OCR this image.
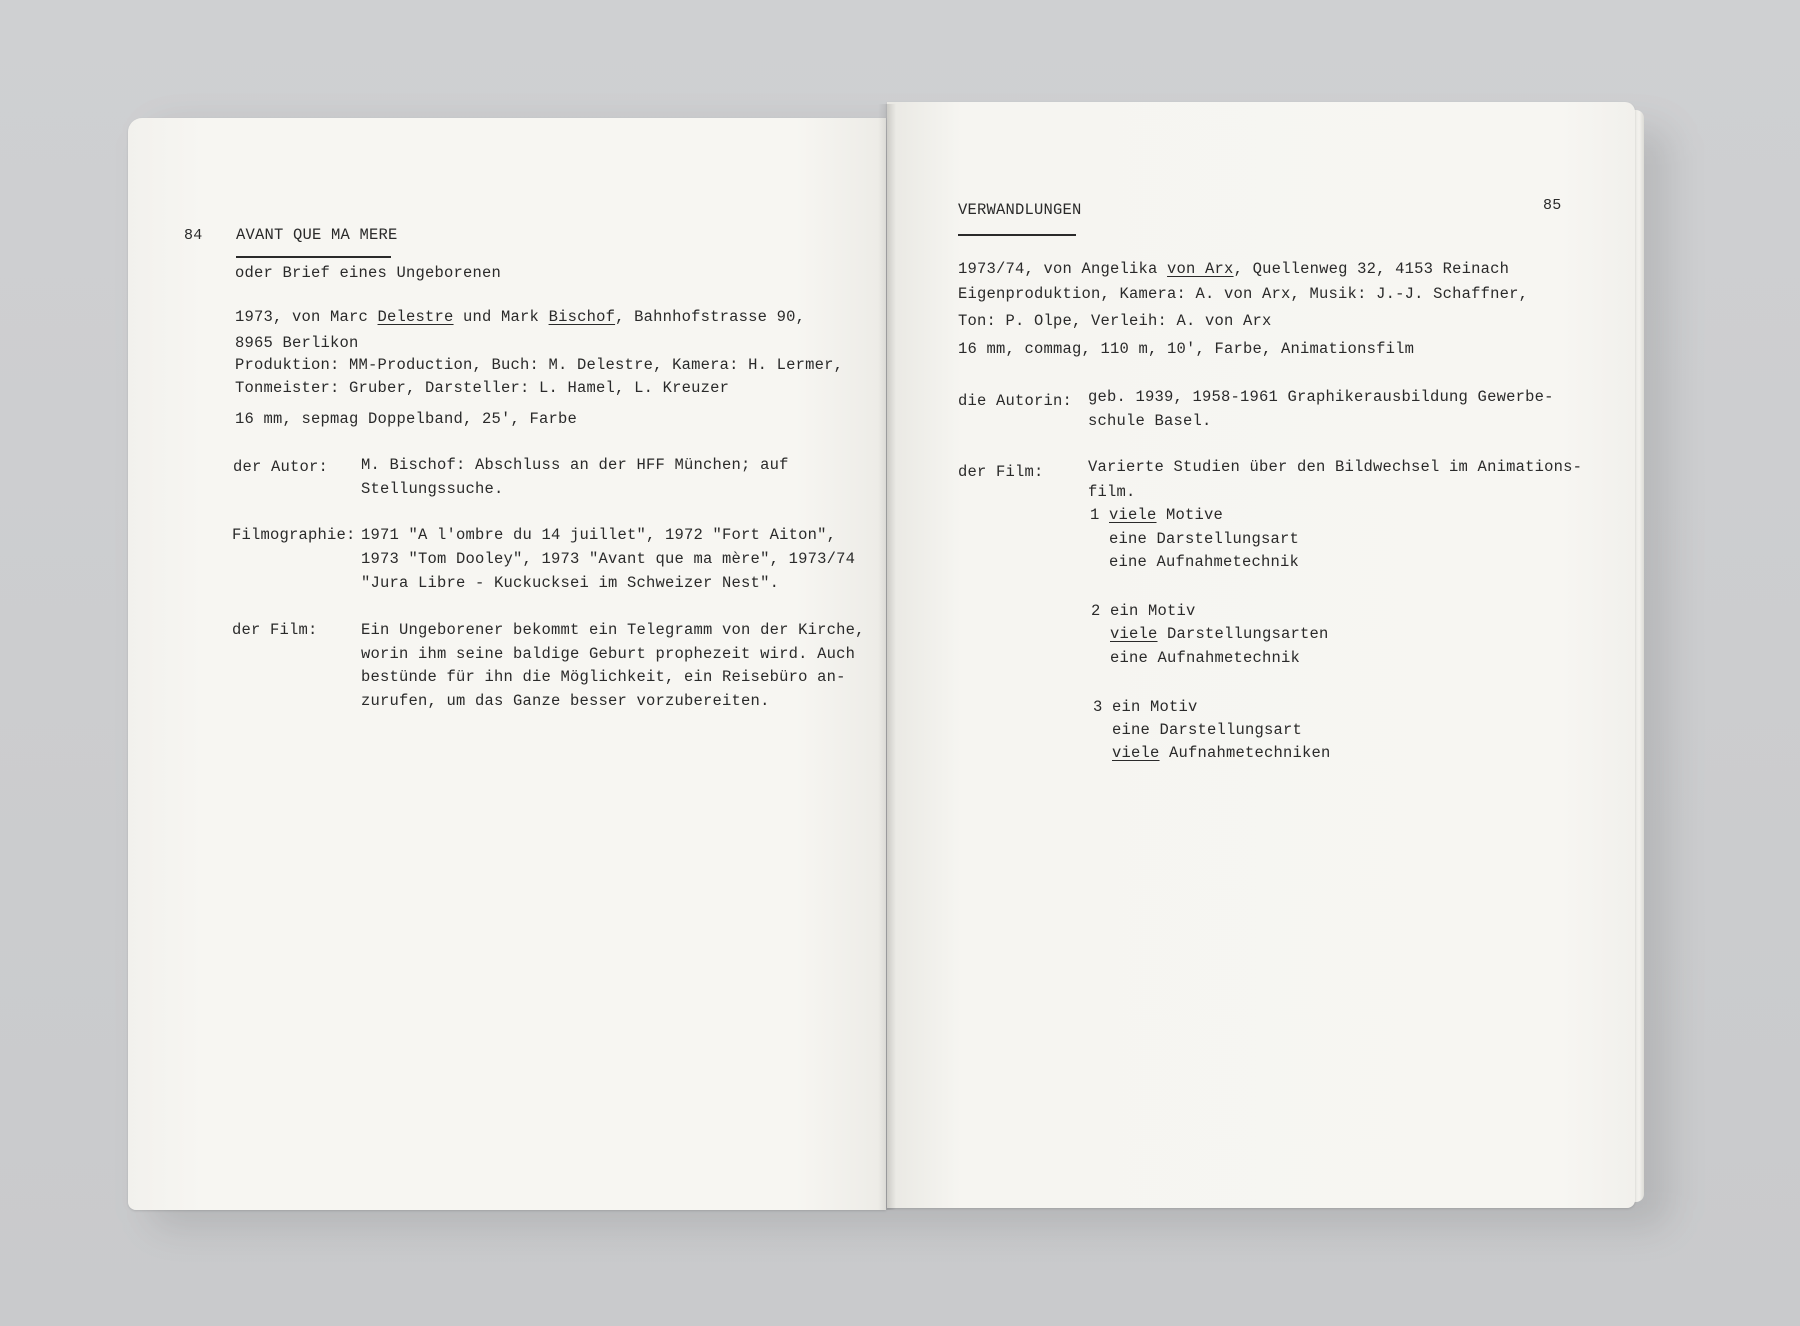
84 AVANT QUE MA MERE
oder Brief eines Ungeborenen
1973, von Marc Delestre und Mark Bischof, Bahnhofstrasse 90,
8965 Berlikon
Produktion: MM-Production, Buch: M. Delestre, Kamera: H. Lermer,
Tonmeister: Gruber, Darsteller: L. Hamel, L. Kreuzer
16 mm, sepmag Doppelband, 25', Farbe
der Autor: M. Bischof: Abschluss an der HFF München; auf
Stellungssuche.
Filmographie: 1971 "A l'ombre du 14 juillet", 1972 "Fort Aiton",
1973 "Tom Dooley", 1973 "Avant que ma mère", 1973/74
"Jura Libre - Kuckucksei im Schweizer Nest".
der Film:	Ein Ungeborener bekommt ein Telegramm von der Kirche,
worin ihm seine baldige Geburt prophezeit wird. Auch
bestünde für ihn die Möglichkeit, ein Reisebüro an-
zurufen, um das Ganze besser vorzubereiten.
VERWANDLUNGEN	85
1973/74, von Angelika von Arx, Quellenweg 32, 4153 Reinach
Eigenproduktion, Kamera: A. von Arx, Musik: J.-J. Schaffner,
Ton: P. Olpe, Verleih: A. von Arx
16 mm, commag, 110 m, 10', Farbe, Animationsfilm
die Autorin: geb. 1939, 1958-1961 Graphikerausbildung Gewerbe-
schule Basel.
der Film:	Varierte Studien über den Bildwechsel im Animations-
film.
1 viele Motive
eine Darstellungsart
eine Aufnahmetechnik
2 ein Motiv
viele Darstellungsarten
eine Aufnahmetechnik
3 ein Motiv
eine Darstellungsart
viele Aufnahmetechniken
